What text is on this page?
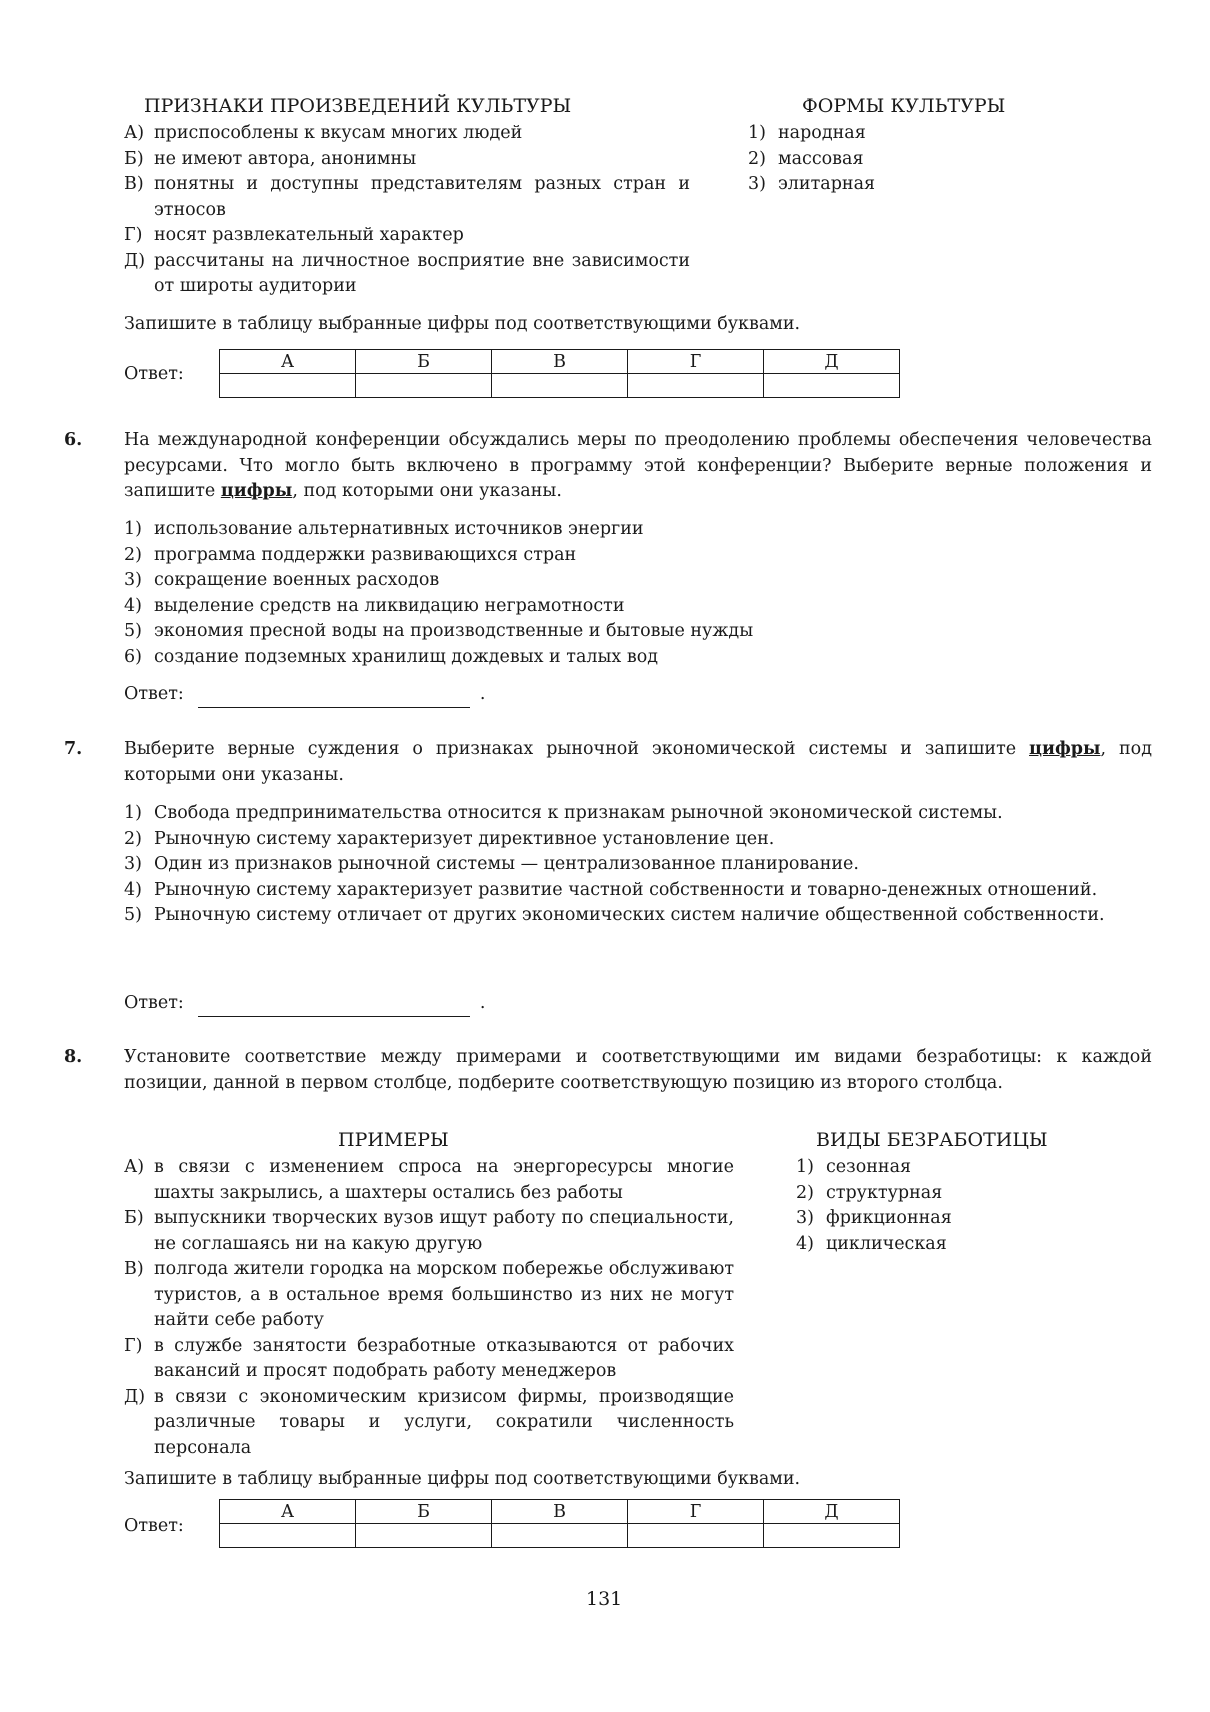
ПРИЗНАКИ ПРОИЗВЕДЕНИЙ КУЛЬТУРЫ	ФОРМЫ КУЛЬТУРЫ
А) приспособлены к вкусам многих людей
Б) не имеют автора, анонимны
В) понятны и доступны представителям разных стран и этносов
Г) носят развлекательный характер
Д) рассчитаны на личностное восприятие вне зависимости от широты аудитории
1) народная
2) массовая
3) элитарная
Запишите в таблицу выбранные цифры под соответствующими буквами.
Ответ:
А	Б	В	Г	Д

6. На международной конференции обсуждались меры по преодолению проблемы обеспечения человечества ресурсами. Что могло быть включено в программу этой конференции? Выберите верные положения и запишите цифры, под которыми они указаны.
1) использование альтернативных источников энергии
2) программа поддержки развивающихся стран
3) сокращение военных расходов
4) выделение средств на ликвидацию неграмотности
5) экономия пресной воды на производственные и бытовые нужды
6) создание подземных хранилищ дождевых и талых вод
Ответ:	.
7. Выберите верные суждения о признаках рыночной экономической системы и запишите цифры, под которыми они указаны.
1) Свобода предпринимательства относится к признакам рыночной экономической системы.
2) Рыночную систему характеризует директивное установление цен.
3) Один из признаков рыночной системы — централизованное планирование.
4) Рыночную систему характеризует развитие частной собственности и товарно-денежных отношений.
5) Рыночную систему отличает от других экономических систем наличие общественной собственности.
Ответ:	.
8. Установите соответствие между примерами и соответствующими им видами безработицы: к каждой позиции, данной в первом столбце, подберите соответствующую позицию из второго столбца.
ПРИМЕРЫ	ВИДЫ БЕЗРАБОТИЦЫ
А) в связи с изменением спроса на энергоресурсы многие шахты закрылись, а шахтеры остались без работы
Б) выпускники творческих вузов ищут работу по специальности, не соглашаясь ни на какую другую
В) полгода жители городка на морском побережье обслуживают туристов, а в остальное время большинство из них не могут найти себе работу
Г) в службе занятости безработные отказываются от рабочих вакансий и просят подобрать работу менеджеров
Д) в связи с экономическим кризисом фирмы, производящие различные товары и услуги, сократили численность персонала
1) сезонная
2) структурная
3) фрикционная
4) циклическая
Запишите в таблицу выбранные цифры под соответствующими буквами.
Ответ:
А	Б	В	Г	Д

131
